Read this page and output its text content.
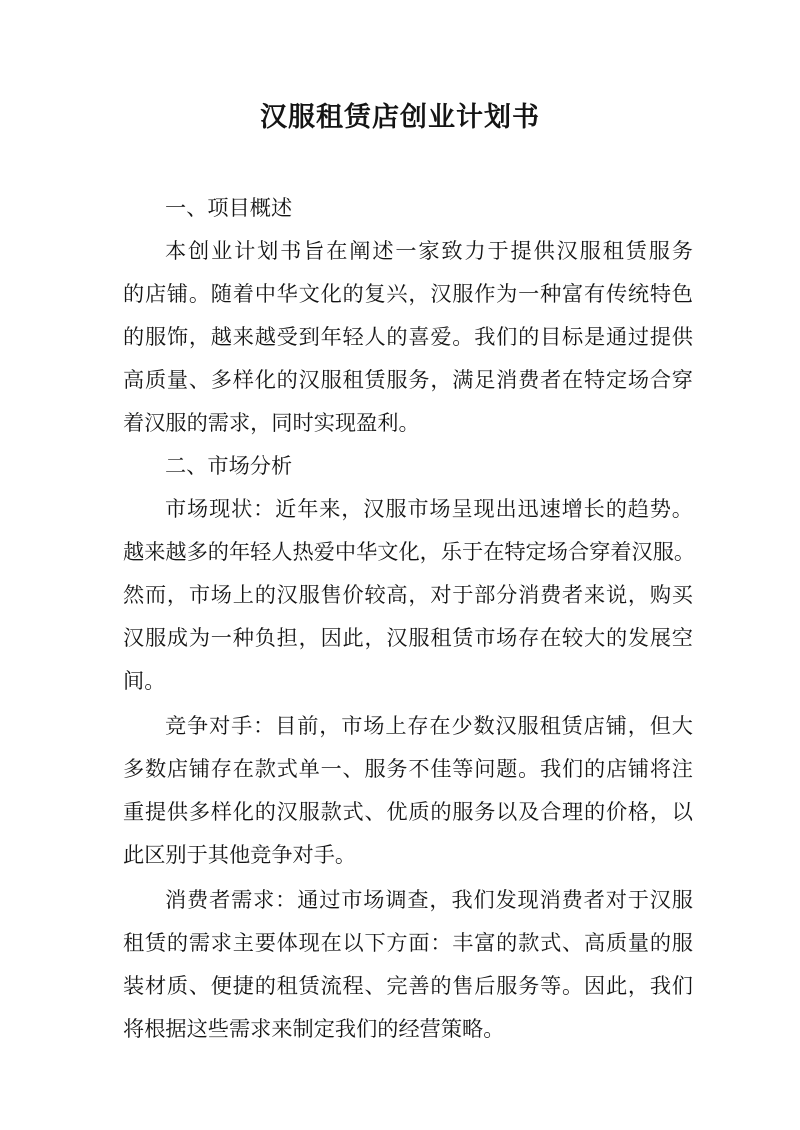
汉服租赁店创业计划书

一、项目概述

本创业计划书旨在阐述一家致力于提供汉服租赁服务

的店铺。随着中华文化的复兴，汉服作为一种富有传统特色

的服饰，越来越受到年轻人的喜爱。我们的目标是通过提供

高质量、多样化的汉服租赁服务，满足消费者在特定场合穿

着汉服的需求，同时实现盈利。

二、市场分析

市场现状：近年来，汉服市场呈现出迅速增长的趋势。

越来越多的年轻人热爱中华文化，乐于在特定场合穿着汉服。

然而，市场上的汉服售价较高，对于部分消费者来说，购买

汉服成为一种负担，因此，汉服租赁市场存在较大的发展空

间。

竞争对手：目前，市场上存在少数汉服租赁店铺，但大

多数店铺存在款式单一、服务不佳等问题。我们的店铺将注

重提供多样化的汉服款式、优质的服务以及合理的价格，以

此区别于其他竞争对手。

消费者需求：通过市场调查，我们发现消费者对于汉服

租赁的需求主要体现在以下方面：丰富的款式、高质量的服

装材质、便捷的租赁流程、完善的售后服务等。因此，我们

将根据这些需求来制定我们的经营策略。
